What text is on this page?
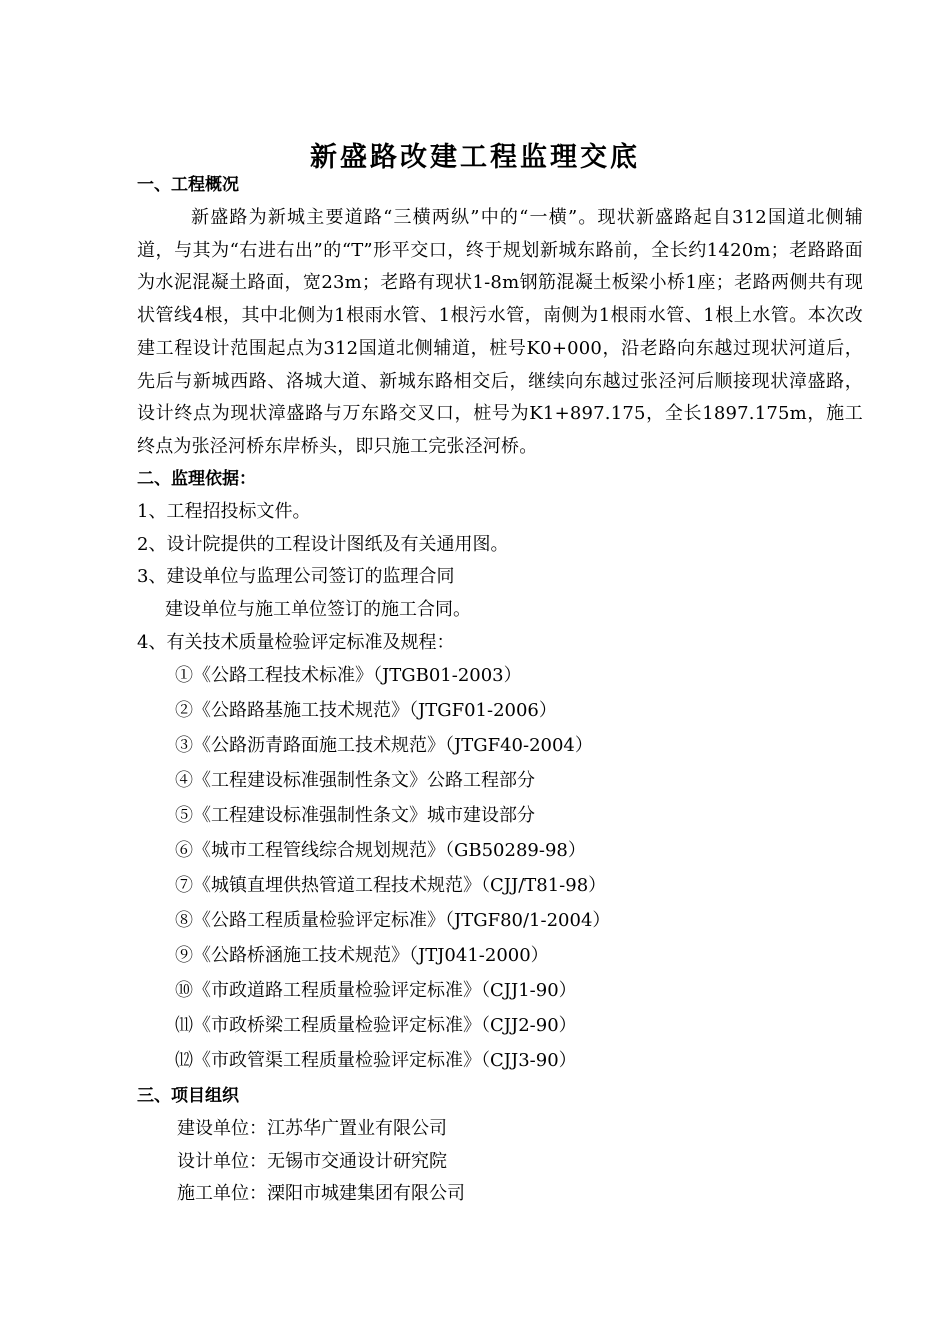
新盛路改建工程监理交底
一、工程概况
新盛路为新城主要道路“三横两纵”中的“一横”。现状新盛路起自312国道北侧辅道，与其为“右进右出”的“T”形平交口，终于规划新城东路前，全长约1420m；老路路面为水泥混凝土路面，宽23m；老路有现状1-8m钢筋混凝土板梁小桥1座；老路两侧共有现状管线4根，其中北侧为1根雨水管、1根污水管，南侧为1根雨水管、1根上水管。本次改建工程设计范围起点为312国道北侧辅道，桩号K0+000，沿老路向东越过现状河道后，先后与新城西路、洛城大道、新城东路相交后，继续向东越过张泾河后顺接现状漳盛路，设计终点为现状漳盛路与万东路交叉口，桩号为K1+897.175，全长1897.175m，施工终点为张泾河桥东岸桥头，即只施工完张泾河桥。
二、监理依据：
1、工程招投标文件。
2、设计院提供的工程设计图纸及有关通用图。
3、建设单位与监理公司签订的监理合同
建设单位与施工单位签订的施工合同。
4、有关技术质量检验评定标准及规程：
①《公路工程技术标准》（JTGB01-2003）
②《公路路基施工技术规范》（JTGF01-2006）
③《公路沥青路面施工技术规范》（JTGF40-2004）
④《工程建设标准强制性条文》公路工程部分
⑤《工程建设标准强制性条文》城市建设部分
⑥《城市工程管线综合规划规范》（GB50289-98）
⑦《城镇直埋供热管道工程技术规范》（CJJ/T81-98）
⑧《公路工程质量检验评定标准》（JTGF80/1-2004）
⑨《公路桥涵施工技术规范》（JTJ041-2000）
⑩《市政道路工程质量检验评定标准》（CJJ1-90）
⑾《市政桥梁工程质量检验评定标准》（CJJ2-90）
⑿《市政管渠工程质量检验评定标准》（CJJ3-90）
三、项目组织
建设单位：江苏华广置业有限公司
设计单位：无锡市交通设计研究院
施工单位：溧阳市城建集团有限公司
